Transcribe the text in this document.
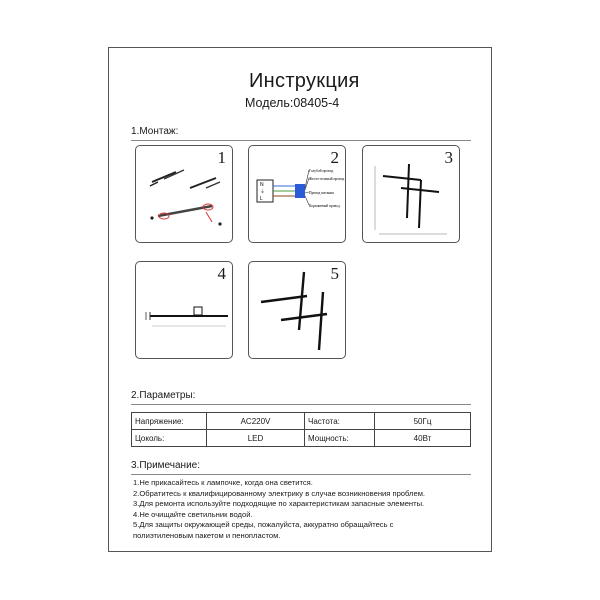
Инструкция
Модель:08405-4
1.Монтаж:
1	2
N
⏚
L
Голубой провод
Желто-зеленый провод
Провод питания
Коричневый провод
3
4	5
2.Параметры:
Напряжение:	AC220V	Частота:	50Гц
Цоколь:	LED	Мощность:	40Вт
3.Примечание:
1.Не прикасайтесь к лампочке, когда она светится.
2.Обратитесь к квалифицированному электрику в случае возникновения проблем.
3.Для ремонта используйте подходящие по характеристикам запасные элементы.
4.Не очищайте светильник водой.
5.Для защиты окружающей среды, пожалуйста, аккуратно обращайтесь с
полиэтиленовым пакетом и пенопластом.
